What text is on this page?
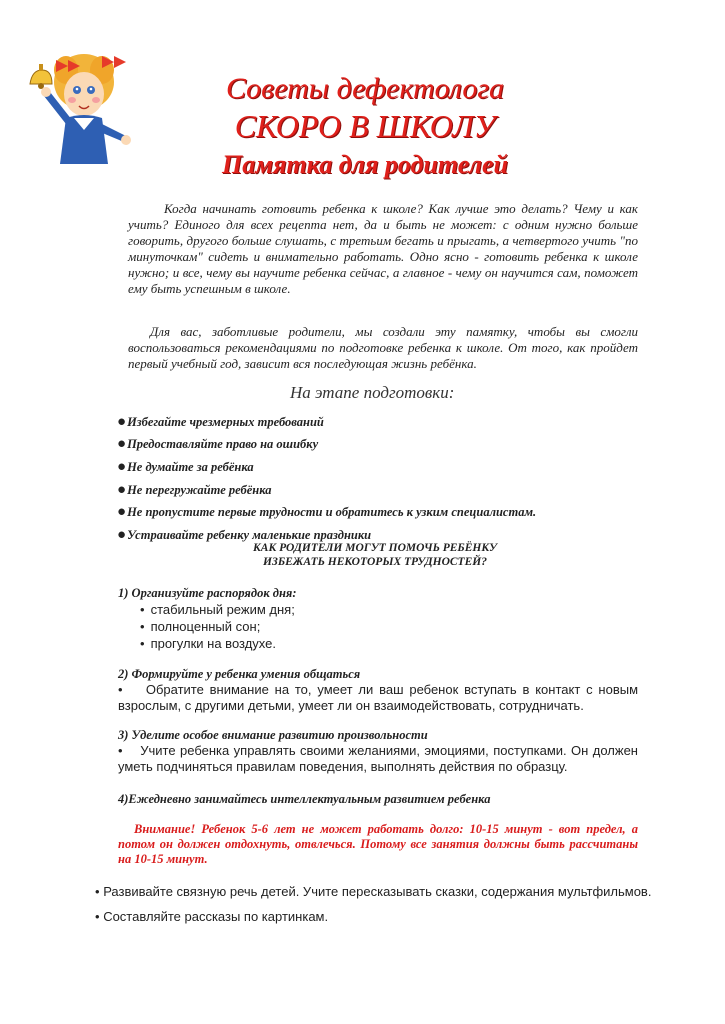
Советы дефектолога
СКОРО В ШКОЛУ
Памятка для родителей
Когда начинать готовить ребенка к школе? Как лучше это делать? Чему и как учить? Единого для всех рецепта нет, да и быть не может: с одним нужно больше говорить, другого больше слушать, с третьим бегать и прыгать, а четвертого учить "по минуточкам" сидеть и внимательно работать. Одно ясно - готовить ребенка к школе нужно; и все, чему вы научите ребенка сейчас, а главное - чему он научится сам, поможет ему быть успешным в школе.
Для вас, заботливые родители, мы создали эту памятку, чтобы вы смогли воспользоваться рекомендациями по подготовке ребенка к школе. От того, как пройдет первый учебный год, зависит вся последующая жизнь ребёнка.
На этапе подготовки:
●Избегайте чрезмерных требований
●Предоставляйте право на ошибку
●Не думайте за ребёнка
●Не перегружайте ребёнка
●Не пропустите первые трудности и обратитесь к узким специалистам.
●Устраивайте ребенку маленькие праздники
КАК РОДИТЕЛИ МОГУТ ПОМОЧЬ РЕБЁНКУ
ИЗБЕЖАТЬ НЕКОТОРЫХ ТРУДНОСТЕЙ?
1) Организуйте распорядок дня:
• стабильный режим дня;
• полноценный сон;
• прогулки на воздухе.
2) Формируйте у ребенка умения общаться
• Обратите внимание на то, умеет ли ваш ребенок вступать в контакт с новым взрослым, с другими детьми, умеет ли он взаимодействовать, сотрудничать.
3) Уделите особое внимание развитию произвольности
• Учите ребенка управлять своими желаниями, эмоциями, поступками. Он должен уметь подчиняться правилам поведения, выполнять действия по образцу.
4)Ежедневно занимайтесь интеллектуальным развитием ребенка
Внимание! Ребенок 5-6 лет не может работать долго: 10-15 минут - вот предел, а потом он должен отдохнуть, отвлечься. Потому все занятия должны быть рассчитаны на 10-15 минут.
• Развивайте связную речь детей. Учите пересказывать сказки, содержания мультфильмов.
• Составляйте рассказы по картинкам.
